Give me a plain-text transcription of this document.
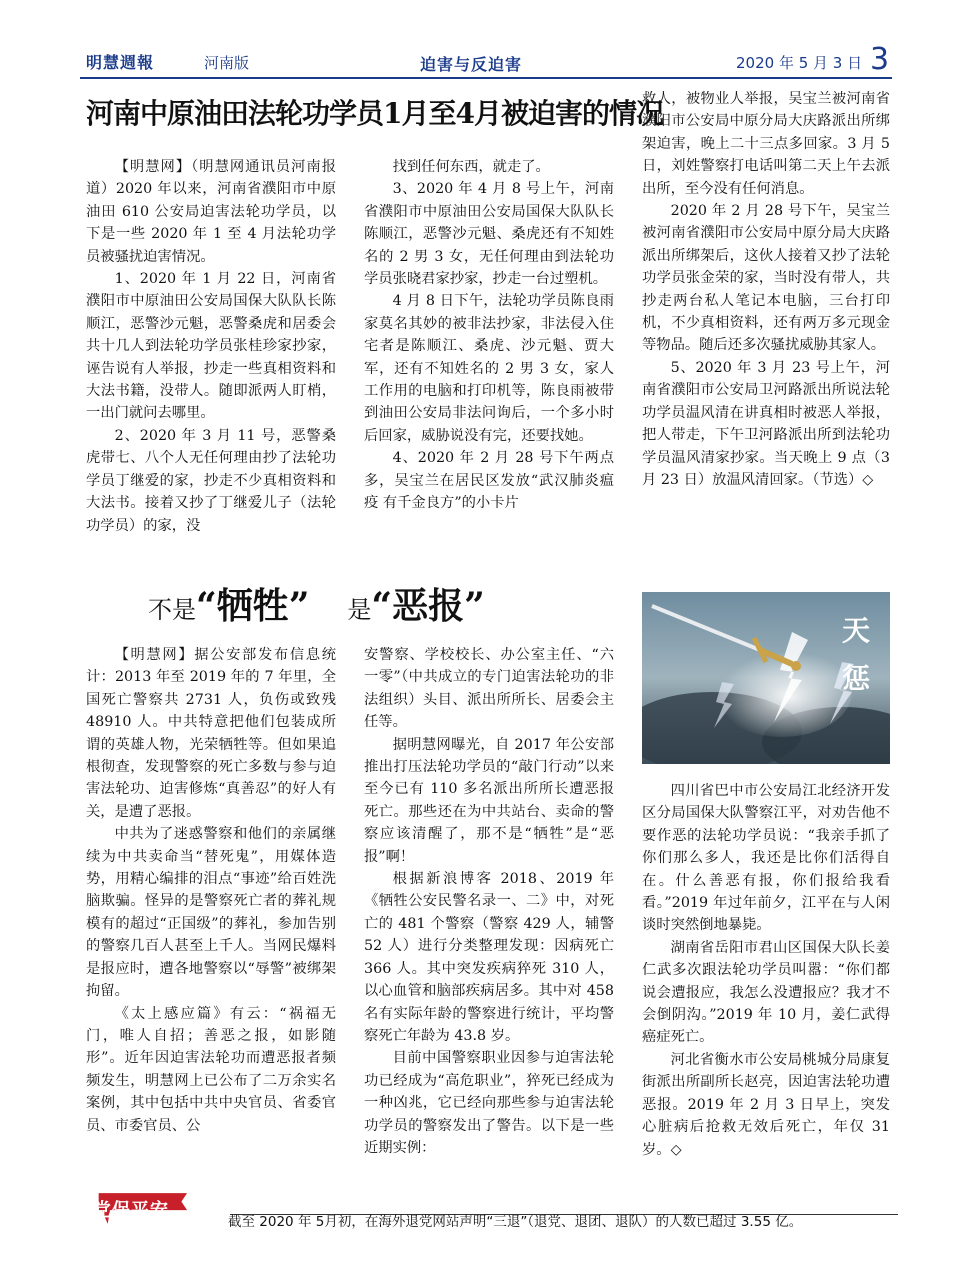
明慧週報	河南版	迫害与反迫害	2020 年 5 月 3 日 3
河南中原油田法轮功学员1月至4月被迫害的情况

【明慧网】（明慧网通讯员河南报道）2020 年以来，河南省濮阳市中原油田 610 公安局迫害法轮功学员，以下是一些 2020 年 1 至 4 月法轮功学员被骚扰迫害情况。

1、2020 年 1 月 22 日，河南省濮阳市中原油田公安局国保大队队长陈顺江，恶警沙元魁，恶警桑虎和居委会共十几人到法轮功学员张桂珍家抄家，诬告说有人举报，抄走一些真相资料和大法书籍，没带人。随即派两人盯梢，一出门就问去哪里。

2、2020 年 3 月 11 号，恶警桑虎带七、八个人无任何理由抄了法轮功学员丁继爱的家，抄走不少真相资料和大法书。接着又抄了丁继爱儿子（法轮功学员）的家，没

找到任何东西，就走了。

3、2020 年 4 月 8 号上午，河南省濮阳市中原油田公安局国保大队队长陈顺江，恶警沙元魁、桑虎还有不知姓名的 2 男 3 女，无任何理由到法轮功学员张晓君家抄家，抄走一台过塑机。

4 月 8 日下午，法轮功学员陈良雨家莫名其妙的被非法抄家，非法侵入住宅者是陈顺江、桑虎、沙元魁、贾大军，还有不知姓名的 2 男 3 女，家人工作用的电脑和打印机等，陈良雨被带到油田公安局非法问询后，一个多小时后回家，威胁说没有完，还要找她。

4、2020 年 2 月 28 号下午两点多，吴宝兰在居民区发放“武汉肺炎瘟疫 有千金良方”的小卡片

救人，被物业人举报，吴宝兰被河南省濮阳市公安局中原分局大庆路派出所绑架迫害，晚上二十三点多回家。3 月 5 日，刘姓警察打电话叫第二天上午去派出所，至今没有任何消息。

2020 年 2 月 28 号下午，吴宝兰被河南省濮阳市公安局中原分局大庆路派出所绑架后，这伙人接着又抄了法轮功学员张金荣的家，当时没有带人，共抄走两台私人笔记本电脑，三台打印机，不少真相资料，还有两万多元现金等物品。随后还多次骚扰威胁其家人。

5、2020 年 3 月 23 号上午，河南省濮阳市公安局卫河路派出所说法轮功学员温风清在讲真相时被恶人举报，把人带走，下午卫河路派出所到法轮功学员温风清家抄家。当天晚上 9 点（3 月 23 日）放温风清回家。（节选）◇

不是“牺牲” 是“恶报”

【明慧网】据公安部发布信息统计：2013 年至 2019 年的 7 年里，全国死亡警察共 2731 人，负伤或致残 48910 人。中共特意把他们包装成所谓的英雄人物，光荣牺牲等。但如果追根彻查，发现警察的死亡多数与参与迫害法轮功、迫害修炼“真善忍”的好人有关，是遭了恶报。

中共为了迷惑警察和他们的亲属继续为中共卖命当“替死鬼”，用媒体造势，用精心编排的泪点“事迹”给百姓洗脑欺骗。怪异的是警察死亡者的葬礼规模有的超过“正国级”的葬礼，参加告别的警察几百人甚至上千人。当网民爆料是报应时，遭各地警察以“辱警”被绑架拘留。

《太上感应篇》有云：“祸福无门，唯人自招；善恶之报，如影随形”。近年因迫害法轮功而遭恶报者频频发生，明慧网上已公布了二万余实名案例，其中包括中共中央官员、省委官员、市委官员、公

安警察、学校校长、办公室主任、“六一零”（中共成立的专门迫害法轮功的非法组织）头目、派出所所长、居委会主任等。

据明慧网曝光，自 2017 年公安部推出打压法轮功学员的“敲门行动”以来至今已有 110 多名派出所所长遭恶报死亡。那些还在为中共站台、卖命的警察应该清醒了，那不是“牺牲”是“恶报”啊！

根据新浪博客 2018、2019 年《牺牲公安民警名录一、二》中，对死亡的 481 个警察（警察 429 人，辅警 52 人）进行分类整理发现：因病死亡 366 人。其中突发疾病猝死 310 人，以心血管和脑部疾病居多。其中对 458 名有实际年龄的警察进行统计，平均警察死亡年龄为 43.8 岁。

目前中国警察职业因参与迫害法轮功已经成为“高危职业”，猝死已经成为一种凶兆，它已经向那些参与迫害法轮功学员的警察发出了警告。以下是一些近期实例：

天
惩

四川省巴中市公安局江北经济开发区分局国保大队警察江平，对劝告他不要作恶的法轮功学员说：“我亲手抓了你们那么多人，我还是比你们活得自在。什么善恶有报，你们报给我看看。”2019 年过年前夕，江平在与人闲谈时突然倒地暴毙。

湖南省岳阳市君山区国保大队长姜仁武多次跟法轮功学员叫嚣：“你们都说会遭报应，我怎么没遭报应？我才不会倒阴沟。”2019 年 10 月，姜仁武得癌症死亡。

河北省衡水市公安局桃城分局康复街派出所副所长赵亮，因迫害法轮功遭恶报。2019 年 2 月 3 日早上，突发心脏病后抢救无效后死亡，年仅 31 岁。◇

退党保平安
截至 2020 年 5月初，在海外退党网站声明“三退”（退党、退团、退队）的人数已超过 3.55 亿。
